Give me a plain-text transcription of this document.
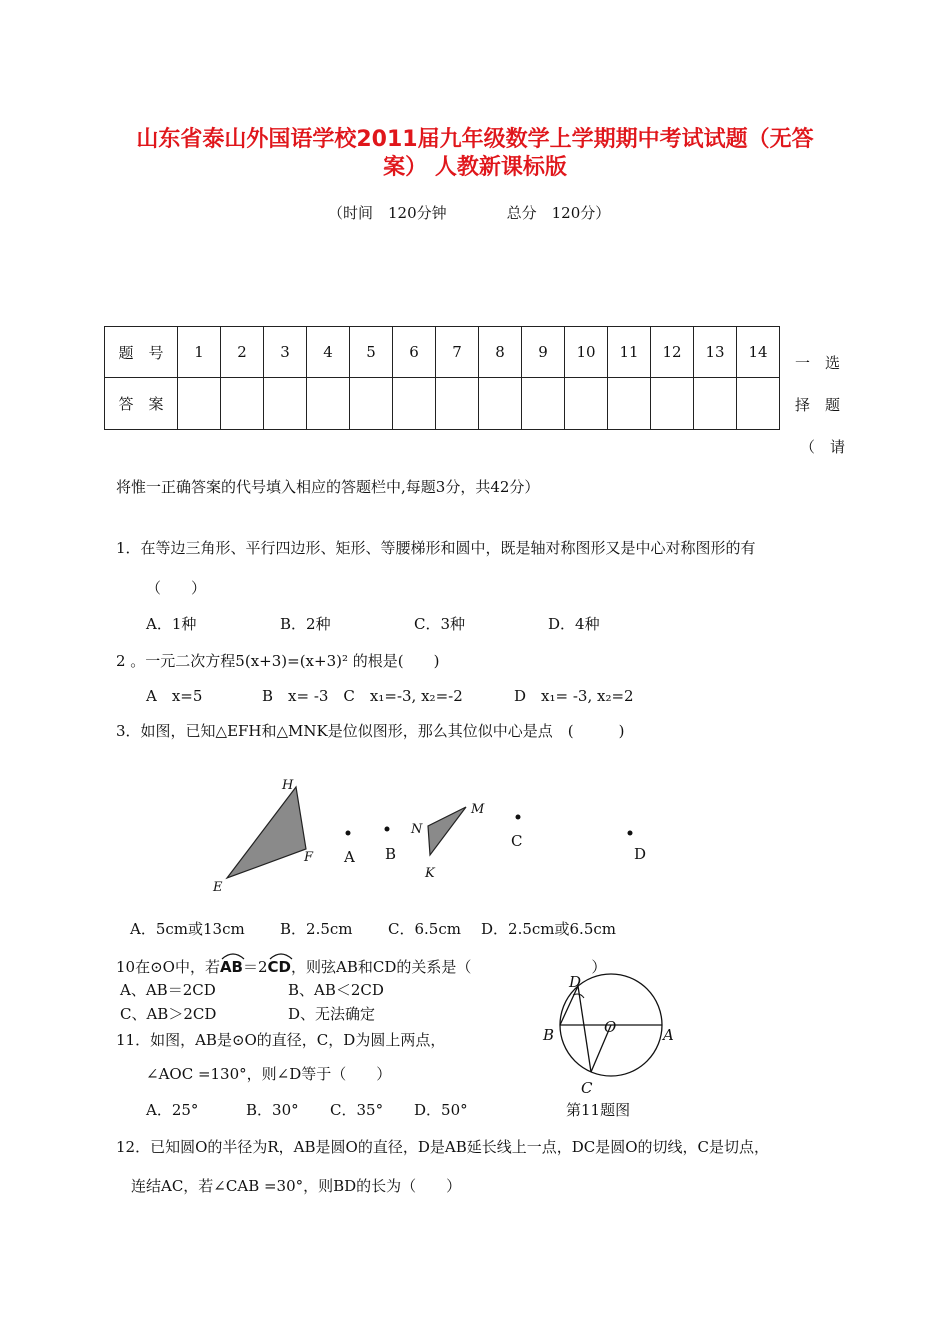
山东省泰山外国语学校2011届九年级数学上学期期中考试试题（无答
案） 人教新课标版
（时间　120分钟　　　　总分　120分）
题　号	1	2	3	4	5	6	7	8	9	10	11	12	13	14
答　案														
一　选
择　题
（　请
将惟一正确答案的代号填入相应的答题栏中,每题3分，共42分）
1．在等边三角形、平行四边形、矩形、等腰梯形和圆中，既是轴对称图形又是中心对称图形的有
（　　）
A．1种	B．2种	C．3种	D．4种
2 。一元二次方程5(x+3)=(x+3)² 的根是(　　)
A　x=5	B　x= -3　C　x₁=-3, x₂=-2	D　x₁= -3, x₂=2
3．如图，已知△EFH和△MNK是位似图形，那么其位似中心是点　(　　　)
H
E
F
N
M
K
A B
C
D
A．5cm或13cm B．2.5cm C．6.5cm D．2.5cm或6.5cm
10在⊙O中，若AB
＝2CD
，则弦AB和CD的关系是（　　　　　　　　）
A、AB＝2CD	B、AB＜2CD
C、AB＞2CD	D、无法确定
11．如图，AB是⊙O的直径，C，D为圆上两点，
∠AOC =130°，则∠D等于（　　）
A．25°	B．30° C．35° D．50°
D
B	O	A
C
第11题图
12．已知圆O的半径为R，AB是圆O的直径，D是AB延长线上一点，DC是圆O的切线，C是切点，
连结AC，若∠CAB =30°，则BD的长为（　　）
